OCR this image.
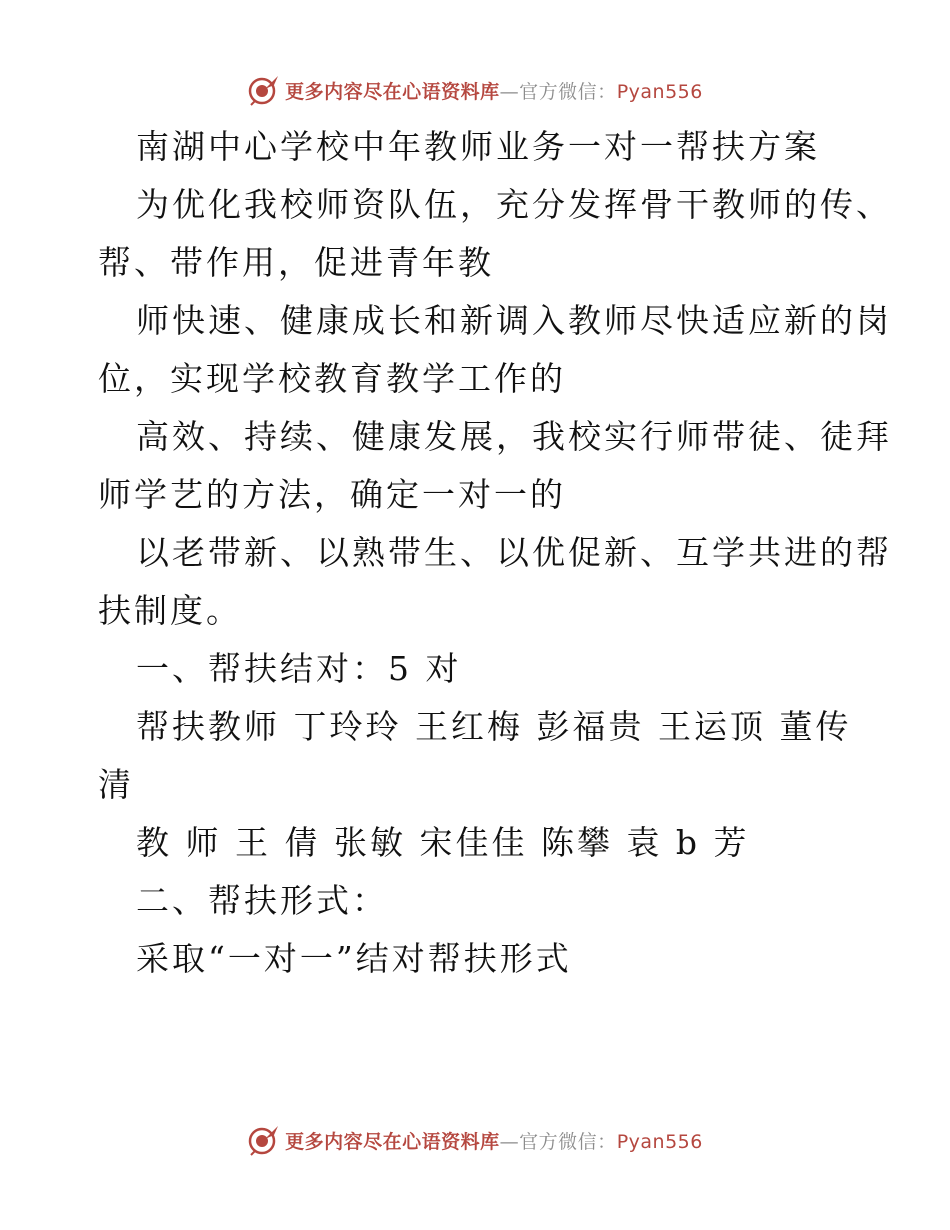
更多内容尽在心语资料库—官方微信：Pyan556
南湖中心学校中年教师业务一对一帮扶方案
为优化我校师资队伍，充分发挥骨干教师的传、
帮、带作用，促进青年教
师快速、健康成长和新调入教师尽快适应新的岗
位，实现学校教育教学工作的
高效、持续、健康发展，我校实行师带徒、徒拜
师学艺的方法，确定一对一的
以老带新、以熟带生、以优促新、互学共进的帮
扶制度。
一、帮扶结对：5 对
帮扶教师 丁玲玲 王红梅 彭福贵 王运顶 董传
清
教 师 王 倩 张敏 宋佳佳 陈攀 袁 b 芳
二、帮扶形式：
采取“一对一”结对帮扶形式
更多内容尽在心语资料库—官方微信：Pyan556
